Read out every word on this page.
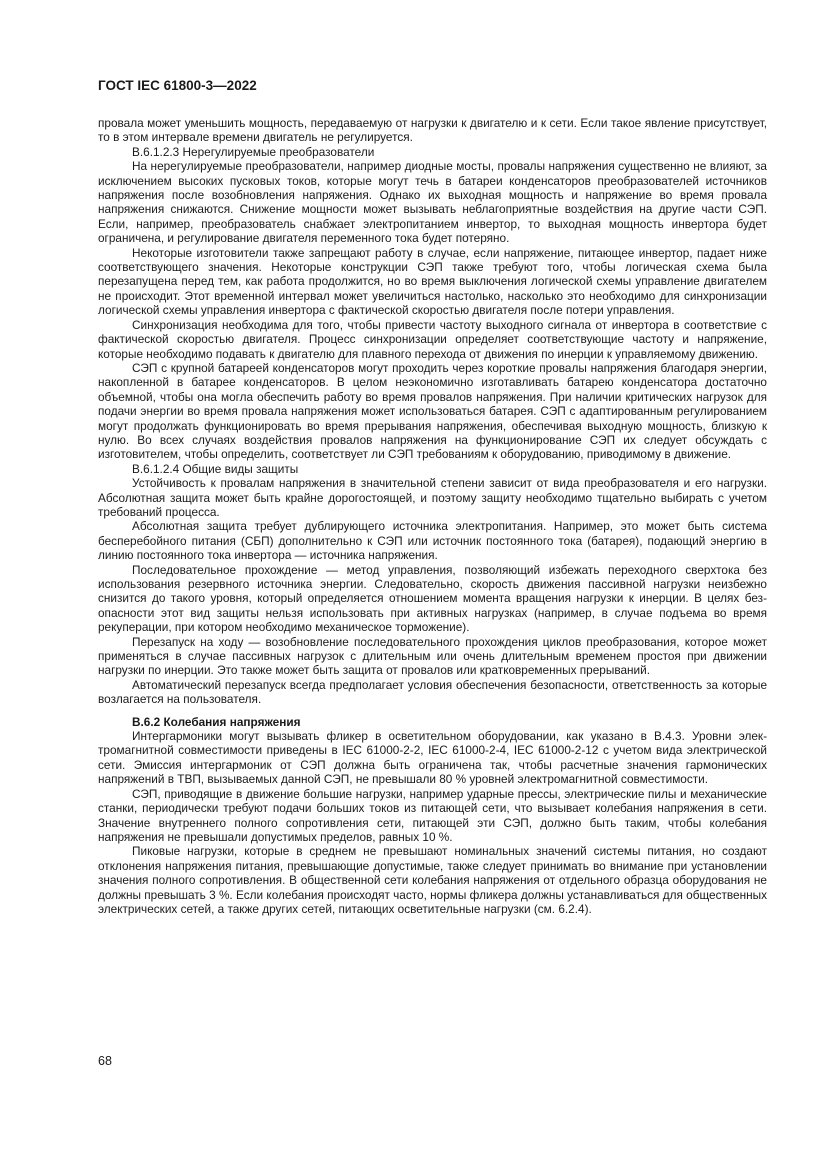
ГОСТ IEC 61800-3—2022

провала может уменьшить мощность, передаваемую от нагрузки к двигателю и к сети. Если такое явление присутствует, то в этом интервале времени двигатель не регулируется.

В.6.1.2.3 Нерегулируемые преобразователи

На нерегулируемые преобразователи, например диодные мосты, провалы напряжения существенно не влияют, за исключением высоких пусковых токов, которые могут течь в батареи конденсаторов преобразователей источников напряжения после возобновления напряжения. Однако их выходная мощность и напряжение во время провала напряжения снижаются. Снижение мощности может вызывать неблагоприятные воздействия на другие части СЭП. Если, например, преобразователь снабжает электропитанием инвертор, то выходная мощность инвертора будет ограничена, и регулирование двигателя переменного тока будет потеряно.

Некоторые изготовители также запрещают работу в случае, если напряжение, питающее инвертор, падает ниже соответствующего значения. Некоторые конструкции СЭП также требуют того, чтобы логическая схема была перезапущена перед тем, как работа продолжится, но во время выключения логической схемы управление двигателем не происходит. Этот временной интервал может увеличиться настолько, насколько это необходимо для синхронизации логической схемы управления инвертора с фактической скоростью двигателя после потери управления.

Синхронизация необходима для того, чтобы привести частоту выходного сигнала от инвертора в соответствие с фактической скоростью двигателя. Процесс синхронизации определяет соответствующие частоту и напряжение, которые необходимо подавать к двигателю для плавного перехода от движения по инерции к управляемому движению.

СЭП с крупной батареей конденсаторов могут проходить через короткие провалы напряжения благодаря энергии, накопленной в батарее конденсаторов. В целом неэкономично изготавливать батарею конденсатора достаточно объемной, чтобы она могла обеспечить работу во время провалов напряжения. При наличии критических нагрузок для подачи энергии во время провала напряжения может использоваться батарея. СЭП с адаптированным регулированием могут продолжать функционировать во время прерывания напряжения, обеспечивая выходную мощность, близкую к нулю. Во всех случаях воздействия провалов напряжения на функционирование СЭП их следует обсуждать с изготовителем, чтобы определить, соответствует ли СЭП требованиям к оборудованию, приводимому в движение.

В.6.1.2.4 Общие виды защиты

Устойчивость к провалам напряжения в значительной степени зависит от вида преобразователя и его нагрузки. Абсолютная защита может быть крайне дорогостоящей, и поэтому защиту необходимо тщательно выбирать с учетом требований процесса.

Абсолютная защита требует дублирующего источника электропитания. Например, это может быть система бесперебойного питания (СБП) дополнительно к СЭП или источник постоянного тока (батарея), подающий энергию в линию постоянного тока инвертора — источника напряжения.

Последовательное прохождение — метод управления, позволяющий избежать переходного сверхтока без использования резервного источника энергии. Следовательно, скорость движения пассивной нагрузки неизбежно снизится до такого уровня, который определяется отношением момента вращения нагрузки к инерции. В целях безопасности этот вид защиты нельзя использовать при активных нагрузках (например, в случае подъема во время рекуперации, при котором необходимо механическое торможение).

Перезапуск на ходу — возобновление последовательного прохождения циклов преобразования, которое может применяться в случае пассивных нагрузок с длительным или очень длительным временем простоя при движении нагрузки по инерции. Это также может быть защита от провалов или кратковременных прерываний.

Автоматический перезапуск всегда предполагает условия обеспечения безопасности, ответственность за которые возлагается на пользователя.

В.6.2 Колебания напряжения

Интергармоники могут вызывать фликер в осветительном оборудовании, как указано в В.4.3. Уровни электромагнитной совместимости приведены в IEC 61000-2-2, IEC 61000-2-4, IEC 61000-2-12 с учетом вида электрической сети. Эмиссия интергармоник от СЭП должна быть ограничена так, чтобы расчетные значения гармонических напряжений в ТВП, вызываемых данной СЭП, не превышали 80 % уровней электромагнитной совместимости.

СЭП, приводящие в движение большие нагрузки, например ударные прессы, электрические пилы и механические станки, периодически требуют подачи больших токов из питающей сети, что вызывает колебания напряжения в сети. Значение внутреннего полного сопротивления сети, питающей эти СЭП, должно быть таким, чтобы колебания напряжения не превышали допустимых пределов, равных 10 %.

Пиковые нагрузки, которые в среднем не превышают номинальных значений системы питания, но создают отклонения напряжения питания, превышающие допустимые, также следует принимать во внимание при установлении значения полного сопротивления. В общественной сети колебания напряжения от отдельного образца оборудования не должны превышать 3 %. Если колебания происходят часто, нормы фликера должны устанавливаться для общественных электрических сетей, а также других сетей, питающих осветительные нагрузки (см. 6.2.4).

68
